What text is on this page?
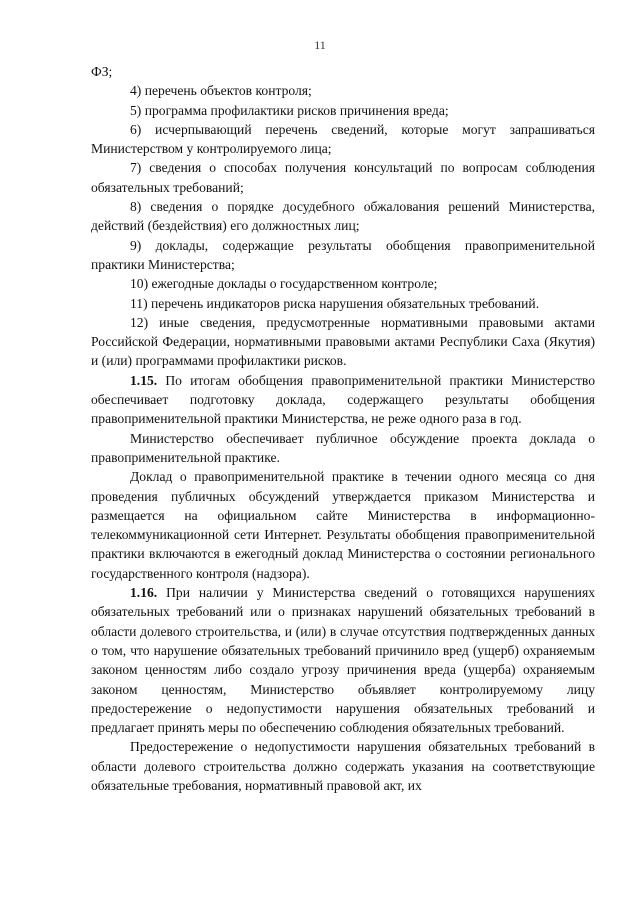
11

ФЗ;

4) перечень объектов контроля;

5) программа профилактики рисков причинения вреда;

6) исчерпывающий перечень сведений, которые могут запрашиваться Министерством у контролируемого лица;

7) сведения о способах получения консультаций по вопросам соблюдения обязательных требований;

8) сведения о порядке досудебного обжалования решений Министерства, действий (бездействия) его должностных лиц;

9) доклады, содержащие результаты обобщения правоприменительной практики Министерства;

10) ежегодные доклады о государственном контроле;

11) перечень индикаторов риска нарушения обязательных требований.

12) иные сведения, предусмотренные нормативными правовыми актами Российской Федерации, нормативными правовыми актами Республики Саха (Якутия) и (или) программами профилактики рисков.

1.15. По итогам обобщения правоприменительной практики Министерство обеспечивает подготовку доклада, содержащего результаты обобщения правоприменительной практики Министерства, не реже одного раза в год.

Министерство обеспечивает публичное обсуждение проекта доклада о правоприменительной практике.

Доклад о правоприменительной практике в течении одного месяца со дня проведения публичных обсуждений утверждается приказом Министерства и размещается на официальном сайте Министерства в информационно-телекоммуникационной сети Интернет. Результаты обобщения правоприменительной практики включаются в ежегодный доклад Министерства о состоянии регионального государственного контроля (надзора).

1.16. При наличии у Министерства сведений о готовящихся нарушениях обязательных требований или о признаках нарушений обязательных требований в области долевого строительства, и (или) в случае отсутствия подтвержденных данных о том, что нарушение обязательных требований причинило вред (ущерб) охраняемым законом ценностям либо создало угрозу причинения вреда (ущерба) охраняемым законом ценностям, Министерство объявляет контролируемому лицу предостережение о недопустимости нарушения обязательных требований и предлагает принять меры по обеспечению соблюдения обязательных требований.

Предостережение о недопустимости нарушения обязательных требований в области долевого строительства должно содержать указания на соответствующие обязательные требования, нормативный правовой акт, их
